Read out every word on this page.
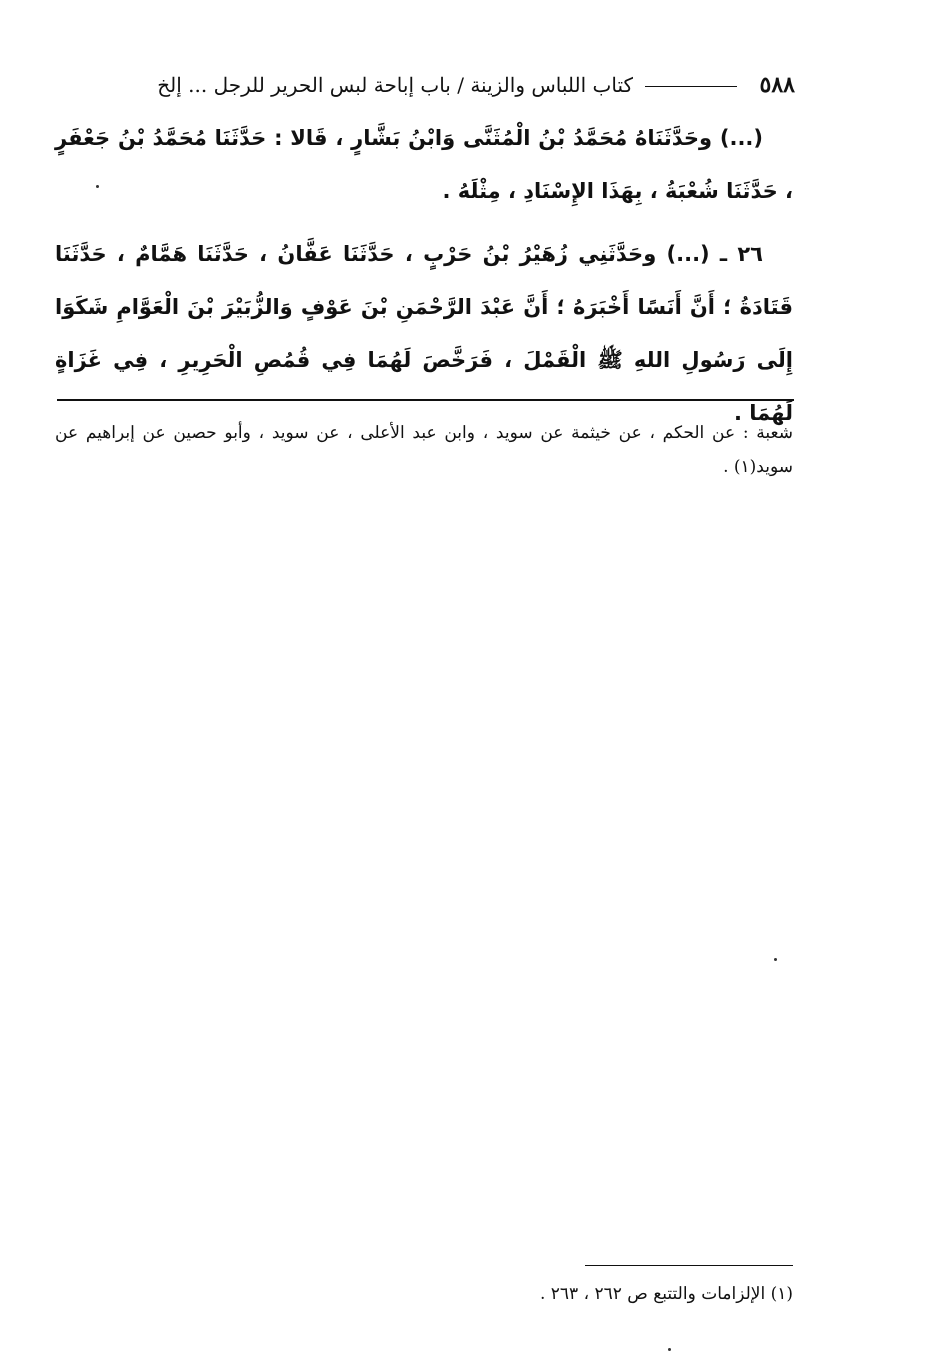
٥٨٨
كتاب اللباس والزينة / باب إباحة لبس الحرير للرجل ... إلخ

(...) وحَدَّثَنَاهُ مُحَمَّدُ بْنُ الْمُثَنَّى وَابْنُ بَشَّارٍ ، قَالا : حَدَّثَنَا مُحَمَّدُ بْنُ جَعْفَرٍ ، حَدَّثَنَا شُعْبَةُ ، بِهَذَا الإِسْنَادِ ، مِثْلَهُ .

٢٦ ـ (...) وحَدَّثَنِي زُهَيْرُ بْنُ حَرْبٍ ، حَدَّثَنَا عَفَّانُ ، حَدَّثَنَا هَمَّامٌ ، حَدَّثَنَا قَتَادَةُ ؛ أَنَّ أَنَسًا أَخْبَرَهُ ؛ أَنَّ عَبْدَ الرَّحْمَنِ بْنَ عَوْفٍ وَالزُّبَيْرَ بْنَ الْعَوَّامِ شَكَوَا إِلَى رَسُولِ اللهِ ﷺ الْقَمْلَ ، فَرَخَّصَ لَهُمَا فِي قُمُصِ الْحَرِيرِ ، فِي غَزَاةٍ لَهُمَا .

شعبة : عن الحكم ، عن خيثمة عن سويد ، وابن عبد الأعلى ، عن سويد ، وأبو حصين عن إبراهيم عن سويد(١) .

(١) الإلزامات والتتبع ص ٢٦٢ ، ٢٦٣ .
